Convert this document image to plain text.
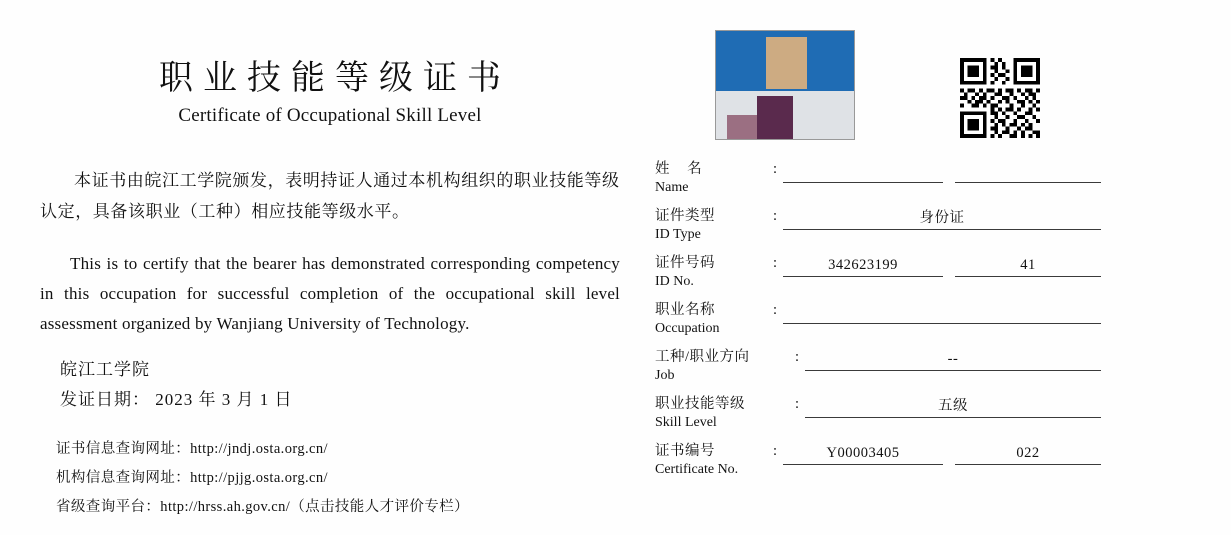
职业技能等级证书
Certificate of Occupational Skill Level
本证书由皖江工学院颁发，表明持证人通过本机构组织的职业技能等级认定，具备该职业（工种）相应技能等级水平。
This is to certify that the bearer has demonstrated corresponding competency in this occupation for successful completion of the occupational skill level assessment organized by Wanjiang University of Technology.
皖江工学院
发证日期： 2023 年 3 月 1 日
证书信息查询网址：http://jndj.osta.org.cn/
机构信息查询网址：http://pjjg.osta.org.cn/
省级查询平台：http://hrss.ah.gov.cn/（点击技能人才评价专栏）
姓 名
Name
:
证件类型
ID Type
:	身份证
证件号码
ID No.
:	342623199	41
职业名称
Occupation
:
工种/职业方向
Job
:	--
职业技能等级
Skill Level
:	五级
证书编号
Certificate No.
:	Y00003405	022
